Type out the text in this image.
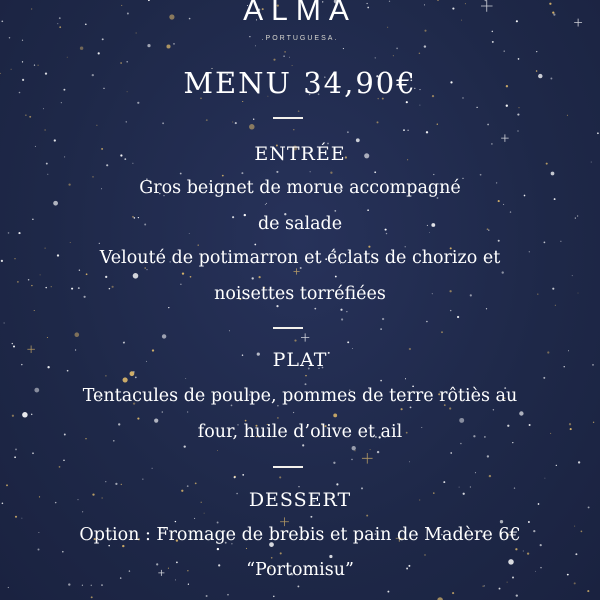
ALMA
.PORTUGUESA.
MENU 34,90€
ENTRÉE
Gros beignet de morue accompagné
de salade
Velouté de potimarron et éclats de chorizo et
noisettes torréfiées
PLAT
Tentacules de poulpe, pommes de terre rôtiès au
four, huile d’olive et ail
DESSERT
Option : Fromage de brebis et pain de Madère 6€
“Portomisu”
